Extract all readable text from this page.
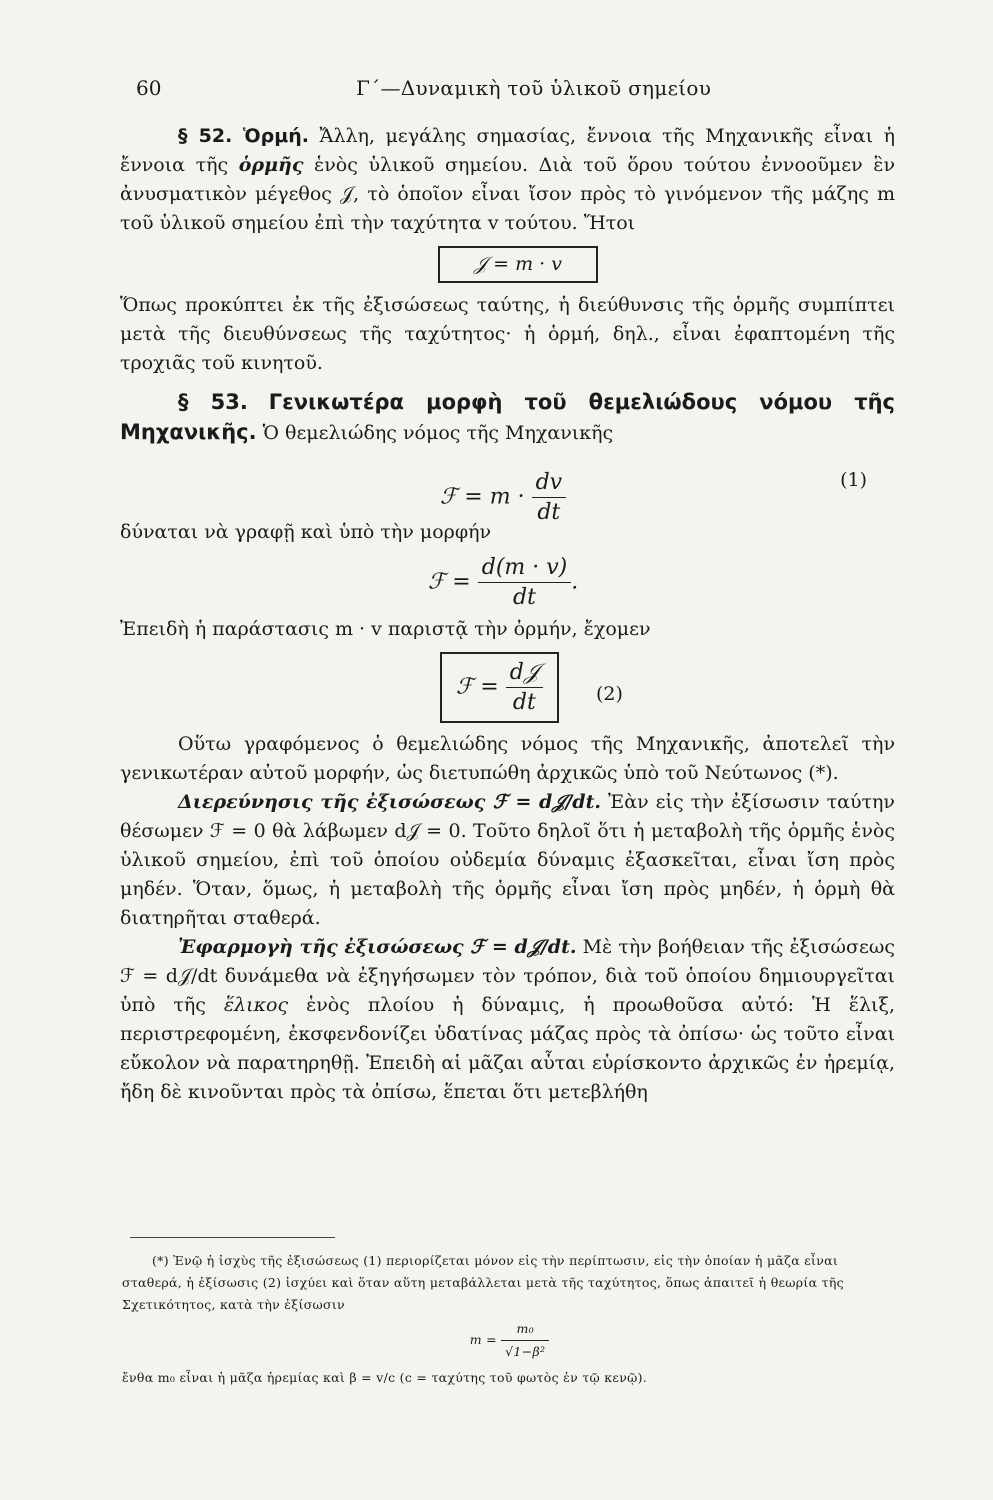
60	Γ΄—Δυναμικὴ τοῦ ὑλικοῦ σημείου

§ 52. Ὁρμή. Ἄλλη, μεγάλης σημασίας, ἔννοια τῆς Μηχανικῆς εἶναι ἡ ἔννοια τῆς ὁρμῆς ἑνὸς ὑλικοῦ σημείου. Διὰ τοῦ ὅρου τούτου ἐννοοῦμεν ἓν ἀνυσματικὸν μέγεθος 𝒥, τὸ ὁποῖον εἶναι ἴσον πρὸς τὸ γινόμενον τῆς μάζης m τοῦ ὑλικοῦ σημείου ἐπὶ τὴν ταχύτητα v τούτου. Ἤτοι

𝒥 = m · v

Ὅπως προκύπτει ἐκ τῆς ἐξισώσεως ταύτης, ἡ διεύθυνσις τῆς ὁρμῆς συμπίπτει μετὰ τῆς διευθύνσεως τῆς ταχύτητος· ἡ ὁρμή, δηλ., εἶναι ἐφαπτομένη τῆς τροχιᾶς τοῦ κινητοῦ.

§ 53. Γενικωτέρα μορφὴ τοῦ θεμελιώδους νόμου τῆς Μηχανικῆς. Ὁ θεμελιώδης νόμος τῆς Μηχανικῆς

ℱ = $m \cdot \frac{dv}{dt}$	(1)

δύναται νὰ γραφῇ καὶ ὑπὸ τὴν μορφήν

ℱ = $\frac{d(m \cdot v)}{dt}$ .

Ἐπειδὴ ἡ παράστασις m · v παριστᾷ τὴν ὁρμήν, ἔχομεν

ℱ = $\frac{\text{d𝒥}}{dt}$	(2)

Οὕτω γραφόμενος ὁ θεμελιώδης νόμος τῆς Μηχανικῆς, ἀποτελεῖ τὴν γενικωτέραν αὐτοῦ μορφήν, ὡς διετυπώθη ἀρχικῶς ὑπὸ τοῦ Νεύτωνος (*).

Διερεύνησις τῆς ἐξισώσεως ℱ = d𝒥/dt. Ἐὰν εἰς τὴν ἐξίσωσιν ταύτην θέσωμεν ℱ = 0 θὰ λάβωμεν d𝒥 = 0. Τοῦτο δηλοῖ ὅτι ἡ μεταβολὴ τῆς ὁρμῆς ἑνὸς ὑλικοῦ σημείου, ἐπὶ τοῦ ὁποίου οὐδεμία δύναμις ἐξασκεῖται, εἶναι ἴση πρὸς μηδέν. Ὅταν, ὅμως, ἡ μεταβολὴ τῆς ὁρμῆς εἶναι ἴση πρὸς μηδέν, ἡ ὁρμὴ θὰ διατηρῆται σταθερά.

Ἐφαρμογὴ τῆς ἐξισώσεως ℱ = d𝒥/dt. Μὲ τὴν βοήθειαν τῆς ἐξισώσεως ℱ = d𝒥/dt δυνάμεθα νὰ ἐξηγήσωμεν τὸν τρόπον, διὰ τοῦ ὁποίου δημιουργεῖται ὑπὸ τῆς ἕλικος ἑνὸς πλοίου ἡ δύναμις, ἡ προωθοῦσα αὐτό: Ἡ ἕλιξ, περιστρεφομένη, ἐκσφενδονίζει ὑδατίνας μάζας πρὸς τὰ ὀπίσω· ὡς τοῦτο εἶναι εὔκολον νὰ παρατηρηθῇ. Ἐπειδὴ αἱ μᾶζαι αὗται εὑρίσκοντο ἀρχικῶς ἐν ἠρεμίᾳ, ἤδη δὲ κινοῦνται πρὸς τὰ ὀπίσω, ἕπεται ὅτι μετεβλήθη

(*) Ἐνῷ ἡ ἰσχὺς τῆς ἐξισώσεως (1) περιορίζεται μόνον εἰς τὴν περίπτωσιν, εἰς τὴν ὁποίαν ἡ μᾶζα εἶναι σταθερά, ἡ ἐξίσωσις (2) ἰσχύει καὶ ὅταν αὕτη μεταβάλλεται μετὰ τῆς ταχύτητος, ὅπως ἀπαιτεῖ ἡ θεωρία τῆς Σχετικότητος, κατὰ τὴν ἐξίσωσιν

$m = \frac{\text{m₀}}{\text{√1−β²}}$

ἔνθα m₀ εἶναι ἡ μᾶζα ἠρεμίας καὶ β = v/c (c = ταχύτης τοῦ φωτὸς ἐν τῷ κενῷ).
